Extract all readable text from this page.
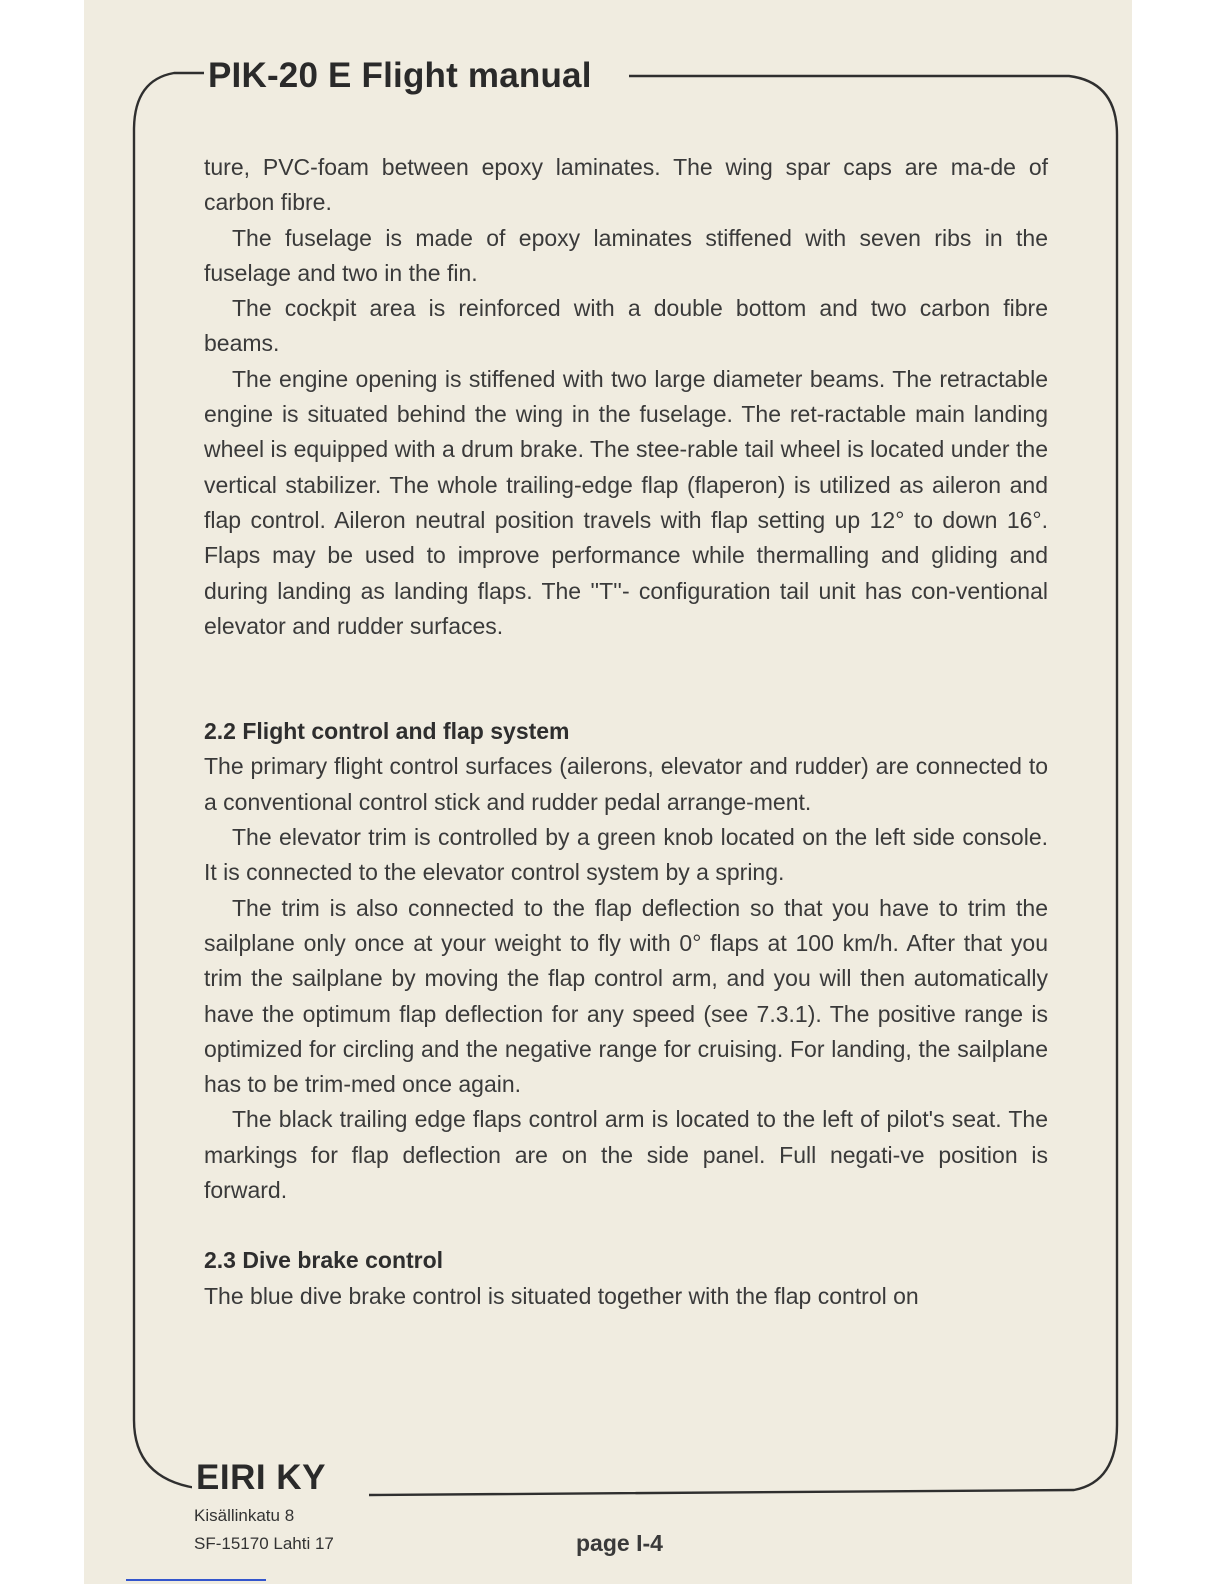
PIK-20 E Flight manual

ture, PVC-foam between epoxy laminates. The wing spar caps are ma-de of carbon fibre.

The fuselage is made of epoxy laminates stiffened with seven ribs in the fuselage and two in the fin.

The cockpit area is reinforced with a double bottom and two carbon fibre beams.

The engine opening is stiffened with two large diameter beams. The retractable engine is situated behind the wing in the fuselage. The ret-ractable main landing wheel is equipped with a drum brake. The stee-rable tail wheel is located under the vertical stabilizer. The whole trailing-edge flap (flaperon) is utilized as aileron and flap control. Aileron neutral position travels with flap setting up 12° to down 16°. Flaps may be used to improve performance while thermalling and gliding and during landing as landing flaps. The ''T''- configuration tail unit has con-ventional elevator and rudder surfaces.

2.2 Flight control and flap system

The primary flight control surfaces (ailerons, elevator and rudder) are connected to a conventional control stick and rudder pedal arrange-ment.

The elevator trim is controlled by a green knob located on the left side console. It is connected to the elevator control system by a spring.

The trim is also connected to the flap deflection so that you have to trim the sailplane only once at your weight to fly with 0° flaps at 100 km/h. After that you trim the sailplane by moving the flap control arm, and you will then automatically have the optimum flap deflection for any speed (see 7.3.1). The positive range is optimized for circling and the negative range for cruising. For landing, the sailplane has to be trim-med once again.

The black trailing edge flaps control arm is located to the left of pilot's seat. The markings for flap deflection are on the side panel. Full negati-ve position is forward.

2.3 Dive brake control

The blue dive brake control is situated together with the flap control on

EIRI KY
Kisällinkatu 8
SF-15170 Lahti 17	page I-4
